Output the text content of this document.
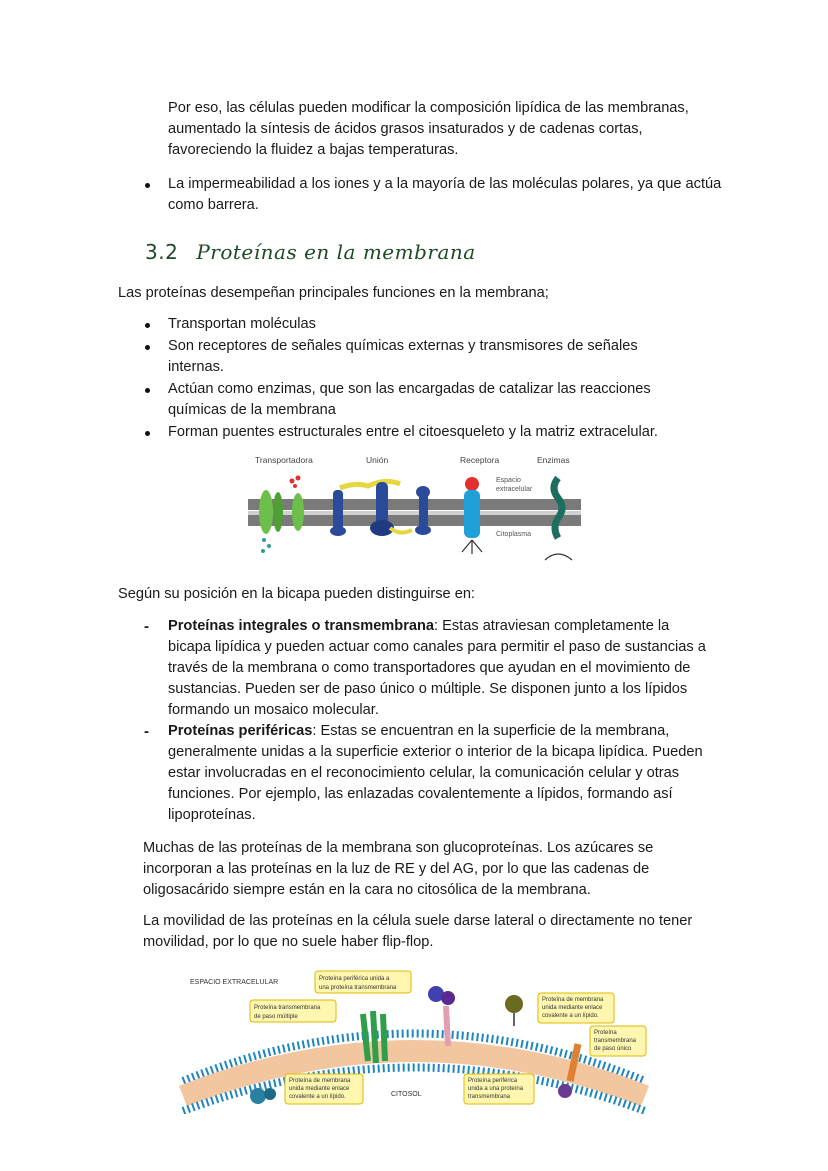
Por eso, las células pueden modificar la composición lipídica de las membranas, aumentado la síntesis de ácidos grasos insaturados y de cadenas cortas, favoreciendo la fluidez a bajas temperaturas.
La impermeabilidad a los iones y a la mayoría de las moléculas polares, ya que actúa como barrera.
3.2 Proteínas en la membrana
Las proteínas desempeñan principales funciones en la membrana;
Transportan moléculas
Son receptores de señales químicas externas y transmisores de señales internas.
Actúan como enzimas, que son las encargadas de catalizar las reacciones químicas de la membrana
Forman puentes estructurales entre el citoesqueleto y la matriz extracelular.
Transportadora	Unión	Receptora	Enzimas
Espacio
extracelular
Citoplasma
Según su posición en la bicapa pueden distinguirse en:
-	Proteínas integrales o transmembrana: Estas atraviesan completamente la bicapa lipídica y pueden actuar como canales para permitir el paso de sustancias a través de la membrana o como transportadores que ayudan en el movimiento de sustancias. Pueden ser de paso único o múltiple. Se disponen junto a los lípidos formando un mosaico molecular.
-	Proteínas periféricas: Estas se encuentran en la superficie de la membrana, generalmente unidas a la superficie exterior o interior de la bicapa lipídica. Pueden estar involucradas en el reconocimiento celular, la comunicación celular y otras funciones. Por ejemplo, las enlazadas covalentemente a lípidos, formando así lipoproteínas.
Muchas de las proteínas de la membrana son glucoproteínas. Los azúcares se incorporan a las proteínas en la luz de RE y del AG, por lo que las cadenas de oligosacárido siempre están en la cara no citosólica de la membrana.
La movilidad de las proteínas en la célula suele darse lateral o directamente no tener movilidad, por lo que no suele haber flip-flop.
ESPACIO EXTRACELULAR
CITOSOL
Proteína periférica unida a
una proteína transmembrana
Proteína transmembrana
de paso múltiple
Proteína de membrana
unida mediante enlace
covalente a un lípido.
Proteína
transmembrana
de paso único
Proteína de membrana
unida mediante enlace
covalente a un lípido.
Proteína periférica
unida a una proteína
transmembrana
